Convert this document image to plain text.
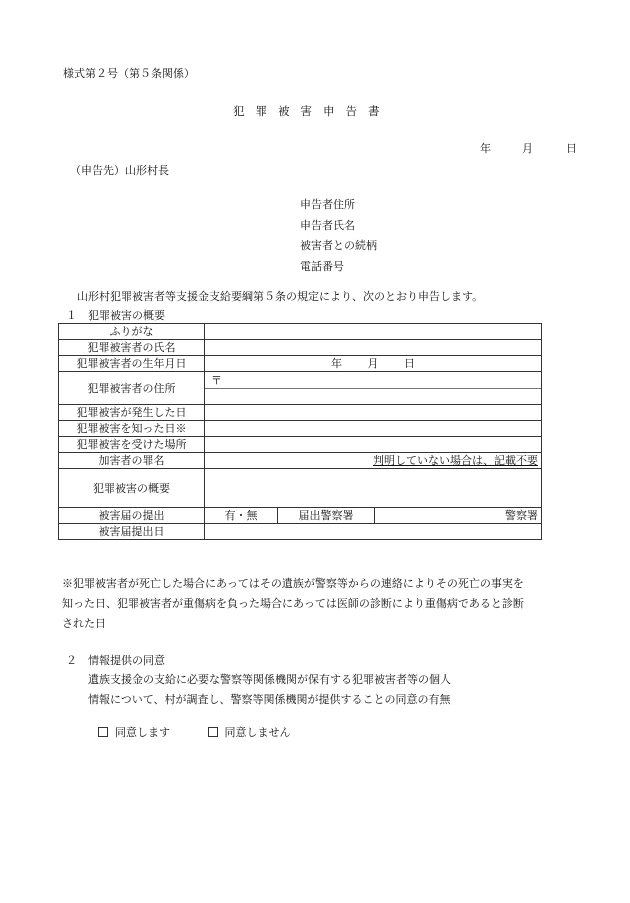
様式第２号（第５条関係）
犯罪被害申告書
年	月	日
（申告先）山形村長
申告者住所
申告者氏名
被害者との続柄
電話番号
山形村犯罪被害者等支援金支給要綱第５条の規定により、次のとおり申告します。
１　犯罪被害の概要
ふりがな			
犯罪被害者の氏名			
犯罪被害者の生年月日	年 月 日		
犯罪被害者の住所	〒		

犯罪被害が発生した日			
犯罪被害を知った日※			
犯罪被害を受けた場所			
加害者の罪名	判明していない場合は、記載不要		
犯罪被害の概要			
被害届の提出	有・無	届出警察署	警察署
被害届提出日			
※犯罪被害者が死亡した場合にあってはその遺族が警察等からの連絡によりその死亡の事実を
知った日、犯罪被害者が重傷病を負った場合にあっては医師の診断により重傷病であると診断
された日
２　情報提供の同意
遺族支援金の支給に必要な警察等関係機関が保有する犯罪被害者等の個人
情報について、村が調査し、警察等関係機関が提供することの同意の有無
同意します	同意しません
